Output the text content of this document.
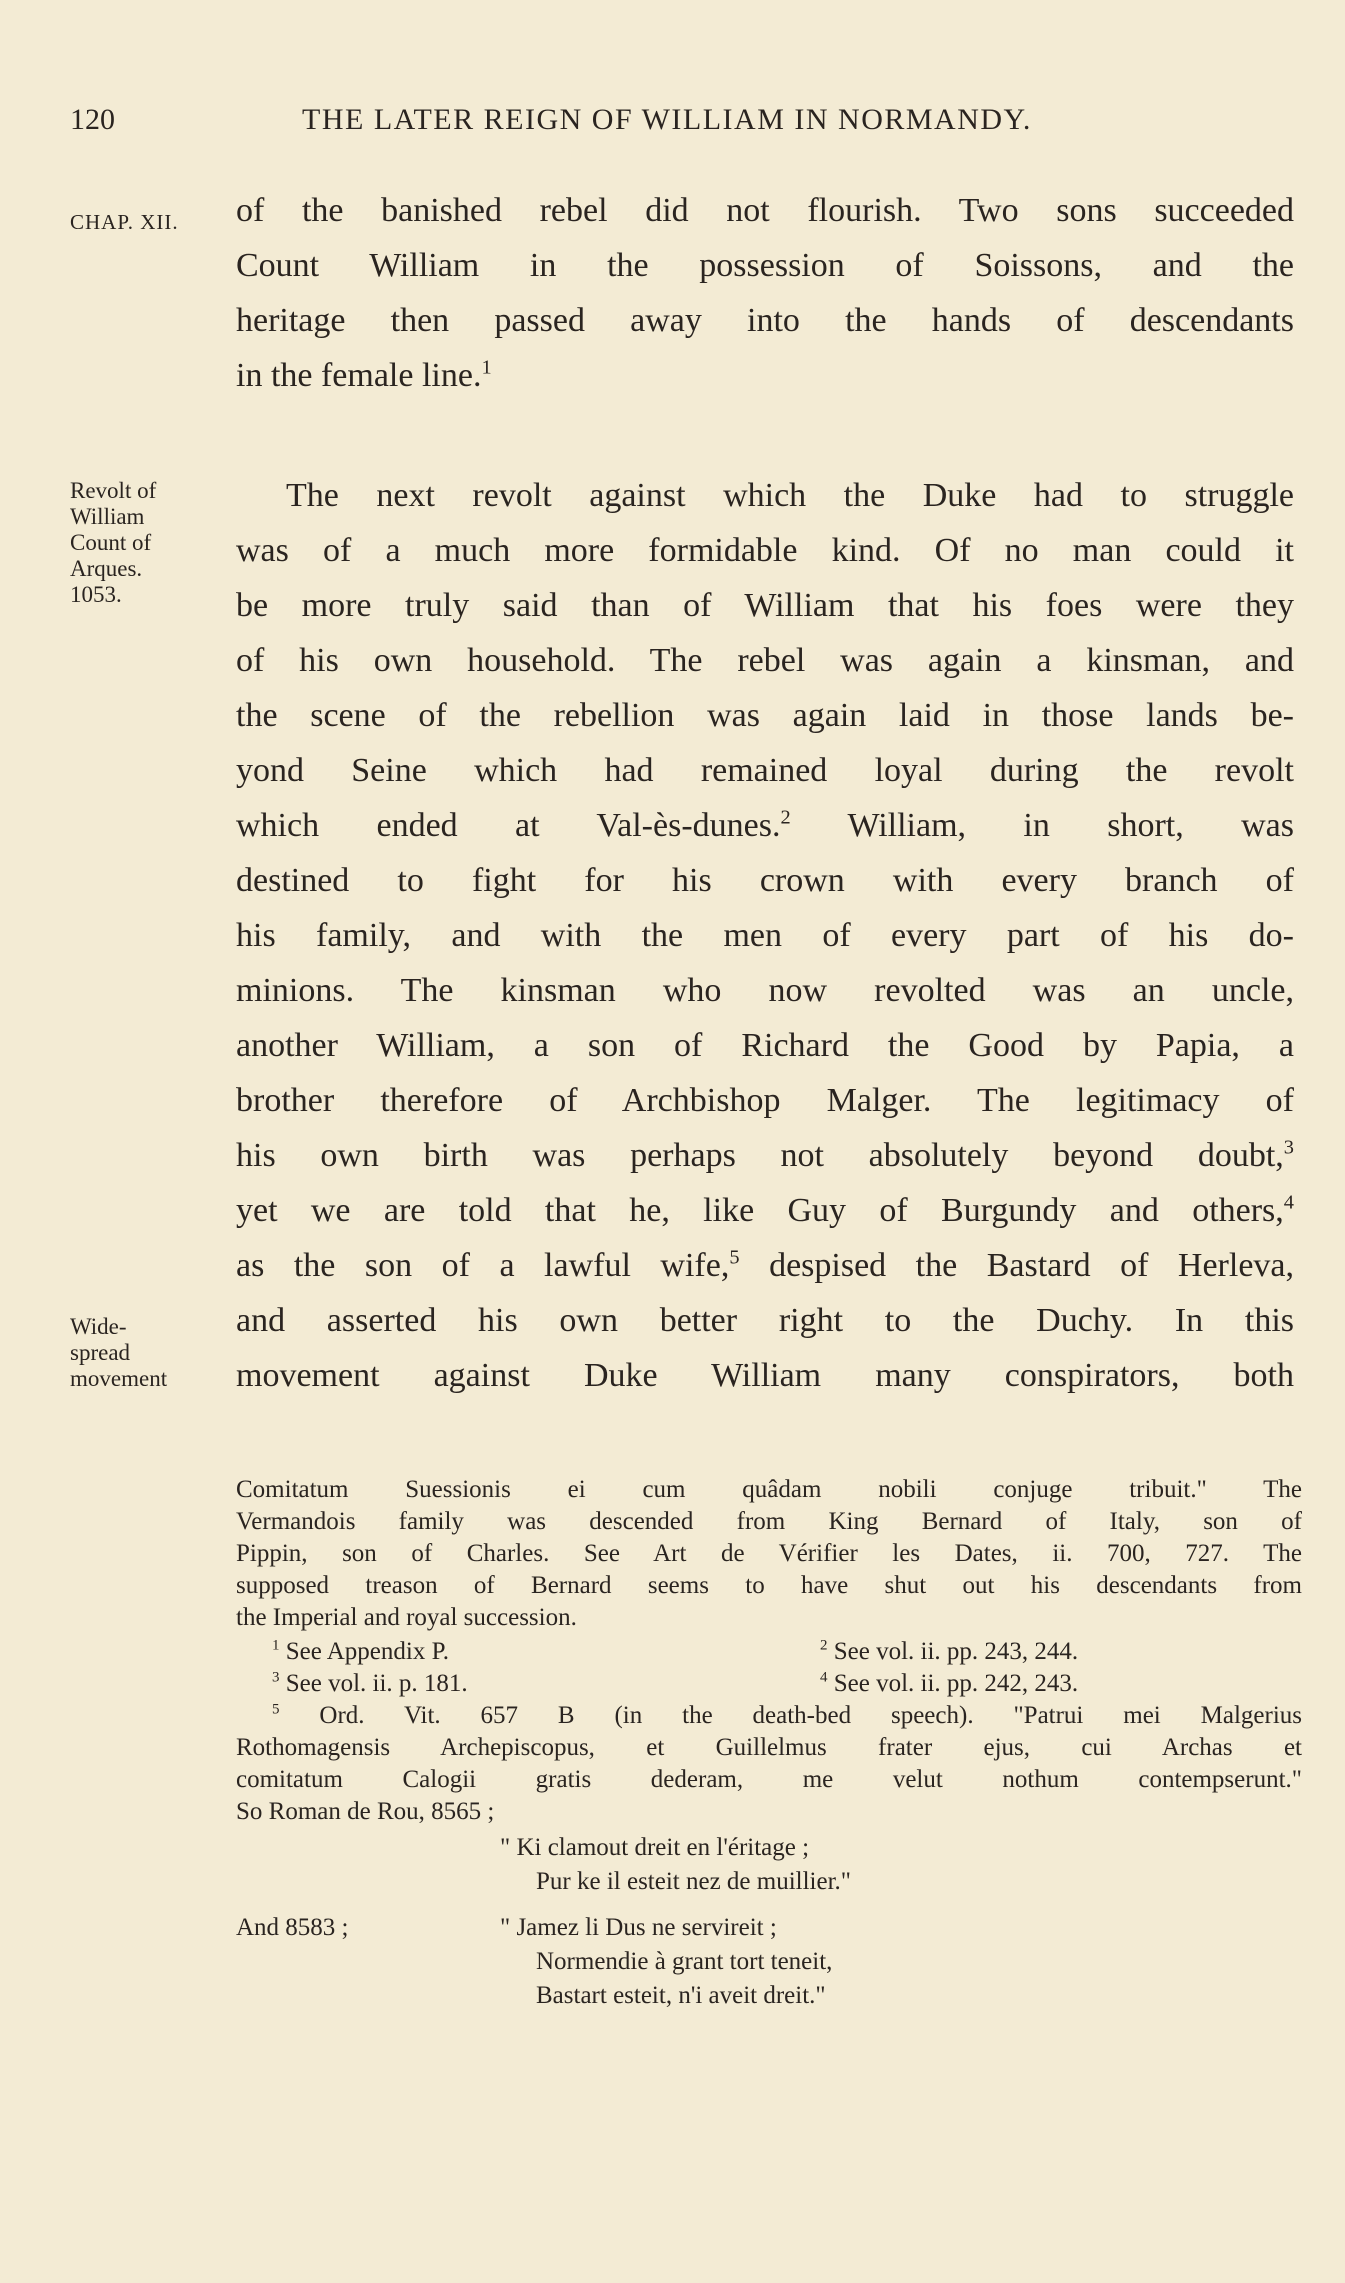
120	THE LATER REIGN OF WILLIAM IN NORMANDY.
CHAP. XII.
Revolt of
William
Count of
Arques.
1053.
Wide-
spread
movement
of the banished rebel did not flourish. Two sons succeeded
Count William in the possession of Soissons, and the
heritage then passed away into the hands of descendants
in the female line.$^1$
The next revolt against which the Duke had to struggle
was of a much more formidable kind. Of no man could it
be more truly said than of William that his foes were they
of his own household. The rebel was again a kinsman, and
the scene of the rebellion was again laid in those lands be-
yond Seine which had remained loyal during the revolt
which ended at Val-ès-dunes.$^2$ William, in short, was
destined to fight for his crown with every branch of
his family, and with the men of every part of his do-
minions. The kinsman who now revolted was an uncle,
another William, a son of Richard the Good by Papia, a
brother therefore of Archbishop Malger. The legitimacy of
his own birth was perhaps not absolutely beyond doubt,$^3$
yet we are told that he, like Guy of Burgundy and others,$^4$
as the son of a lawful wife,$^5$ despised the Bastard of Herleva,
and asserted his own better right to the Duchy. In this
movement against Duke William many conspirators, both
Comitatum Suessionis ei cum quâdam nobili conjuge tribuit." The
Vermandois family was descended from King Bernard of Italy, son of
Pippin, son of Charles. See Art de Vérifier les Dates, ii. 700, 727. The
supposed treason of Bernard seems to have shut out his descendants from
the Imperial and royal succession.
$^1$ See Appendix P.	$^2$ See vol. ii. pp. 243, 244.
$^3$ See vol. ii. p. 181.	$^4$ See vol. ii. pp. 242, 243.
$^5$ Ord. Vit. 657 B (in the death-bed speech). "Patrui mei Malgerius
Rothomagensis Archepiscopus, et Guillelmus frater ejus, cui Archas et
comitatum Calogii gratis dederam, me velut nothum contempserunt."
So Roman de Rou, 8565 ;
" Ki clamout dreit en l'éritage ;
Pur ke il esteit nez de muillier."
And 8583 ;	" Jamez li Dus ne servireit ;
Normendie à grant tort teneit,
Bastart esteit, n'i aveit dreit."
